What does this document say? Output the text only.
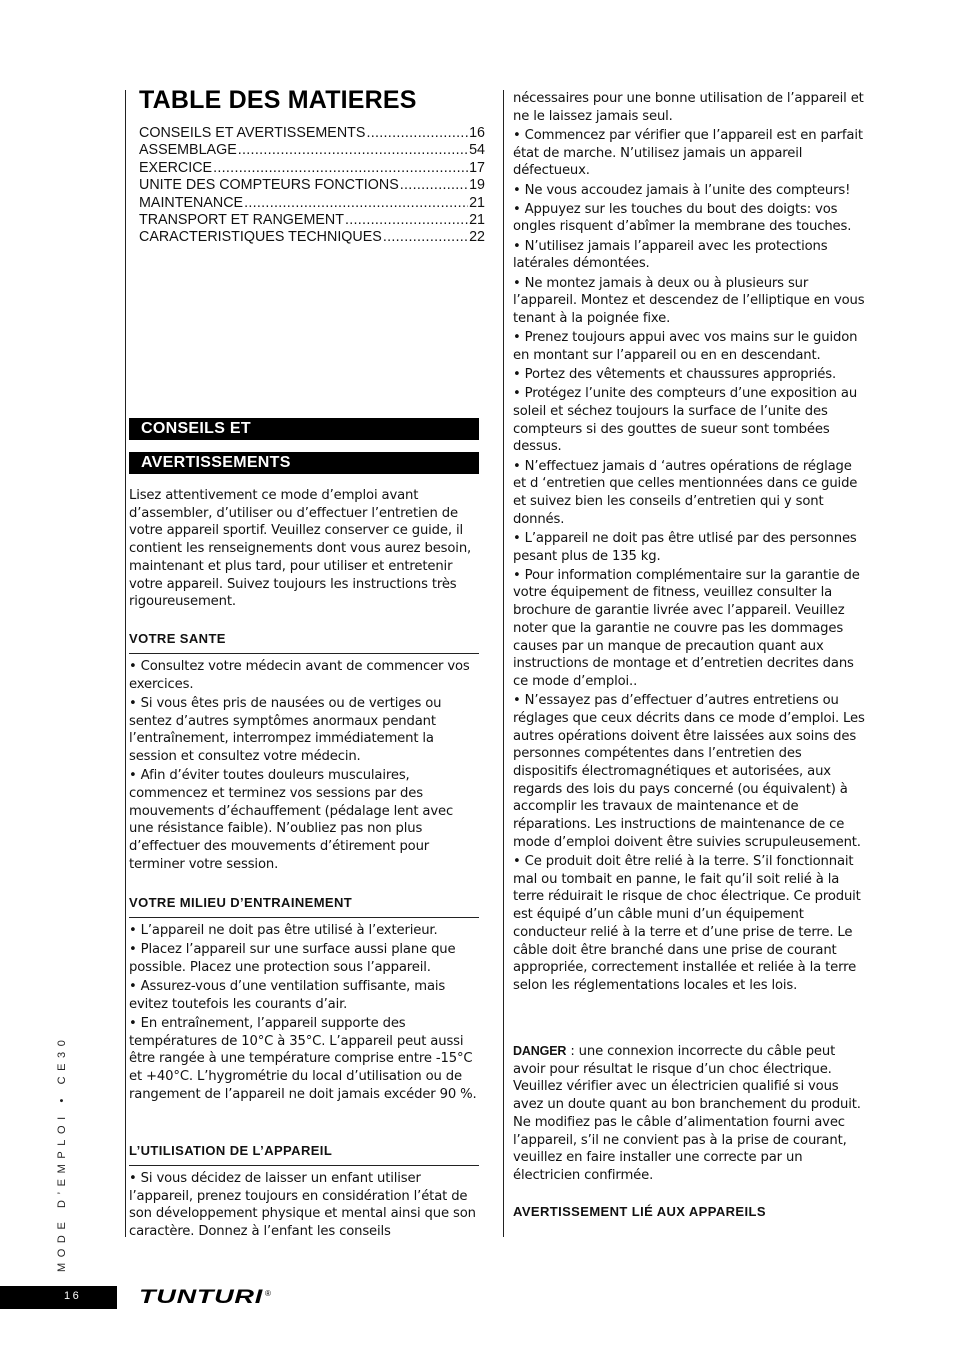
TABLE DES MATIERES
CONSEILS ET AVERTISSEMENTS .....	16
ASSEMBLAGE .....	54
EXERCICE .....	17
UNITE DES COMPTEURS FONCTIONS .....	19
MAINTENANCE .....	21
TRANSPORT ET RANGEMENT .....	21
CARACTERISTIQUES TECHNIQUES .....	22
CONSEILS ET
AVERTISSEMENTS
Lisez attentivement ce mode d’emploi avant d’assembler, d’utiliser ou d’effectuer l’entretien de votre appareil sportif. Veuillez conserver ce guide, il contient les renseignements dont vous aurez besoin, maintenant et plus tard, pour utiliser et entretenir votre appareil. Suivez toujours les instructions très rigoureusement.
VOTRE SANTE
• Consultez votre médecin avant de commencer vos exercices.
• Si vous êtes pris de nausées ou de vertiges ou sentez d’autres symptômes anormaux pendant l’entraînement, interrompez immédiatement la session et consultez votre médecin.
• Afin d’éviter toutes douleurs musculaires, commencez et terminez vos sessions par des mouvements d’échauffement (pédalage lent avec une résistance faible). N’oubliez pas non plus d’effectuer des mouvements d’étirement pour terminer votre session.
VOTRE MILIEU D’ENTRAINEMENT
• L’appareil ne doit pas être utilisé à l’exterieur.
• Placez l’appareil sur une surface aussi plane que possible. Placez une protection sous l’appareil.
• Assurez-vous d’une ventilation suffisante, mais evitez toutefois les courants d’air.
• En entraînement, l’appareil supporte des températures de 10°C à 35°C. L’appareil peut aussi être rangée à une température comprise entre -15°C et +40°C. L’hygrométrie du local d’utilisation ou de rangement de l’appareil ne doit jamais excéder 90 %.
L’UTILISATION DE L’APPAREIL
• Si vous décidez de laisser un enfant utiliser l’appareil, prenez toujours en considération l’état de son développement physique et mental ainsi que son caractère. Donnez à l’enfant les conseils
nécessaires pour une bonne utilisation de l’appareil et ne le laissez jamais seul.
• Commencez par vérifier que l’appareil est en parfait état de marche. N’utilisez jamais un appareil défectueux.
• Ne vous accoudez jamais à l’unite des compteurs!
• Appuyez sur les touches du bout des doigts: vos ongles risquent d’abîmer la membrane des touches.
• N’utilisez jamais l’appareil avec les protections latérales démontées.
• Ne montez jamais à deux ou à plusieurs sur l’appareil. Montez et descendez de l’elliptique en vous tenant à la poignée fixe.
• Prenez toujours appui avec vos mains sur le guidon en montant sur l’appareil ou en en descendant.
• Portez des vêtements et chaussures appropriés.
• Protégez l’unite des compteurs d’une exposition au soleil et séchez toujours la surface de l’unite des compteurs si des gouttes de sueur sont tombées dessus.
• N’effectuez jamais d ‘autres opérations de réglage et d ‘entretien que celles mentionnées dans ce guide et suivez bien les conseils d’entretien qui y sont donnés.
• L’appareil ne doit pas être utlisé par des personnes pesant plus de 135 kg.
• Pour information complémentaire sur la garantie de votre équipement de fitness, veuillez consulter la brochure de garantie livrée avec l’appareil. Veuillez noter que la garantie ne couvre pas les dommages causes par un manque de precaution quant aux instructions de montage et d’entretien decrites dans ce mode d’emploi..
• N’essayez pas d’effectuer d’autres entretiens ou réglages que ceux décrits dans ce mode d’emploi. Les autres opérations doivent être laissées aux soins des personnes compétentes dans l’entretien des dispositifs électromagnétiques et autorisées, aux regards des lois du pays concerné (ou équivalent) à accomplir les travaux de maintenance et de réparations. Les instructions de maintenance de ce mode d’emploi doivent être suivies scrupuleusement.
• Ce produit doit être relié à la terre. S’il fonctionnait mal ou tombait en panne, le fait qu’il soit relié à la terre réduirait le risque de choc électrique. Ce produit est équipé d’un câble muni d’un équipement conducteur relié à la terre et d’une prise de terre. Le câble doit être branché dans une prise de courant appropriée, correctement installée et reliée à la terre selon les réglementations locales et les lois.
DANGER : une connexion incorrecte du câble peut avoir pour résultat le risque d’un choc électrique. Veuillez vérifier avec un électricien qualifié si vous avez un doute quant au bon branchement du produit. Ne modifiez pas le câble d’alimentation fourni avec l’appareil, s’il ne convient pas à la prise de courant, veuillez en faire installer une correcte par un électricien confirmée.
AVERTISSEMENT LIÉ AUX APPAREILS
MODE D’EMPLOI • CE30
16	TUNTURI ®
